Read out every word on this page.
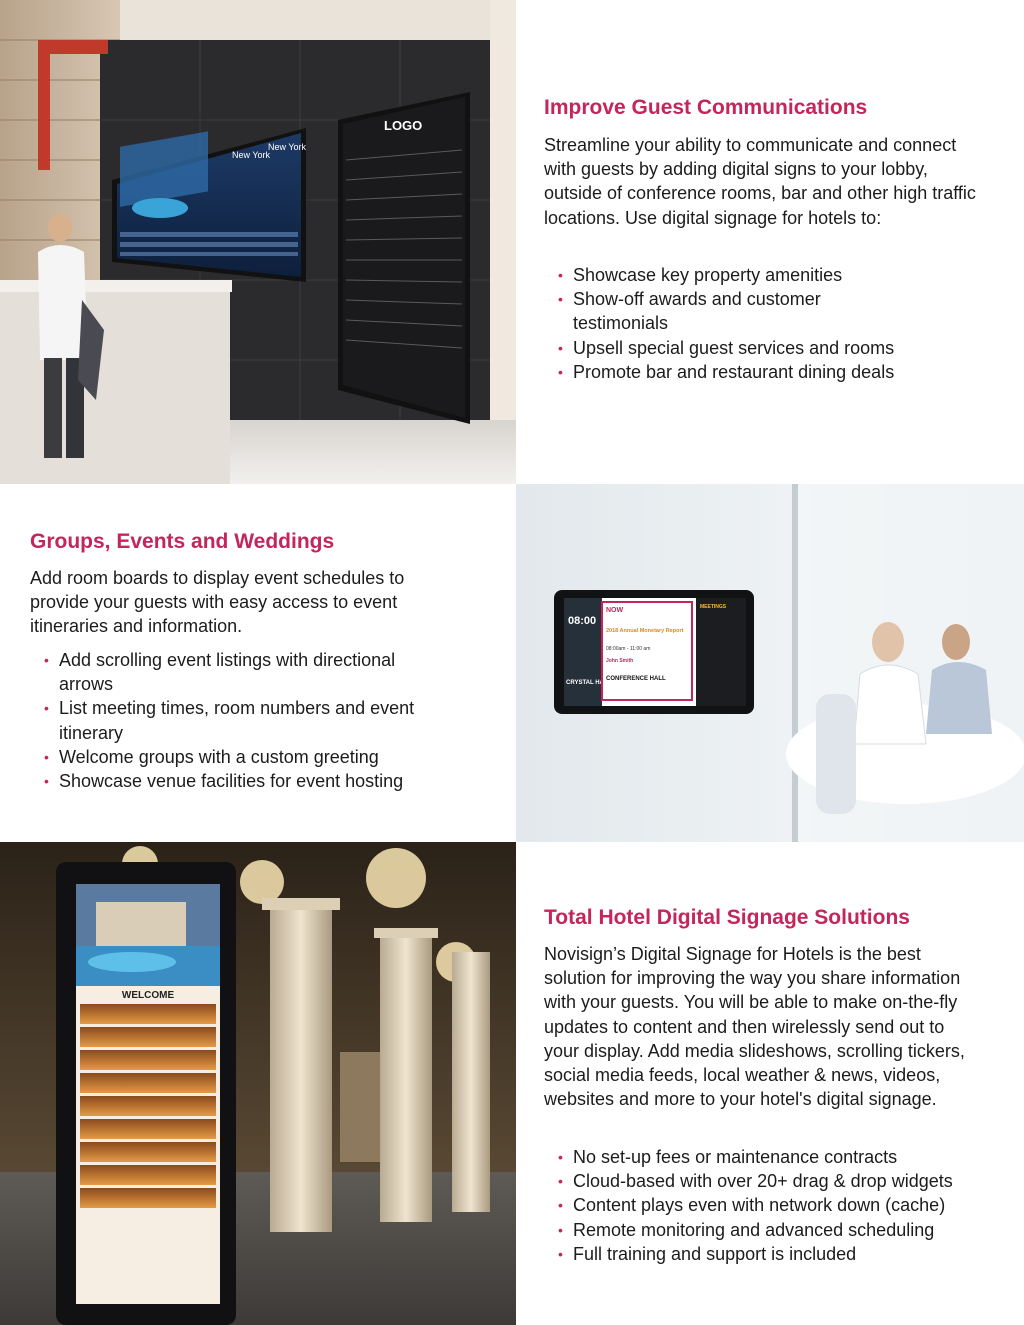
New York
New York
LOGO
Improve Guest Communications

Streamline your ability to communicate and connect with guests by adding digital signs to your lobby, outside of conference rooms, bar and other high traffic locations. Use digital signage for hotels to:

• Showcase key property amenities
• Show-off awards and customer testimonials
• Upsell special guest services and rooms
• Promote bar and restaurant dining deals
08:00
CRYSTAL HALL
MEETINGS
NOW
2018 Annual Monetary Report
08:00am - 11:00 am
John Smith
CONFERENCE HALL
Groups, Events and Weddings

Add room boards to display event schedules to provide your guests with easy access to event itineraries and information.

• Add scrolling event listings with directional arrows
• List meeting times, room numbers and event itinerary
• Welcome groups with a custom greeting
• Showcase venue facilities for event hosting
WELCOME
Total Hotel Digital Signage Solutions

Novisign’s Digital Signage for Hotels is the best solution for improving the way you share information with your guests. You will be able to make on-the-fly updates to content and then wirelessly send out to your display. Add media slideshows, scrolling tickers, social media feeds, local weather & news, videos, websites and more to your hotel's digital signage.

• No set-up fees or maintenance contracts
• Cloud-based with over 20+ drag & drop widgets
• Content plays even with network down (cache)
• Remote monitoring and advanced scheduling
• Full training and support is included
